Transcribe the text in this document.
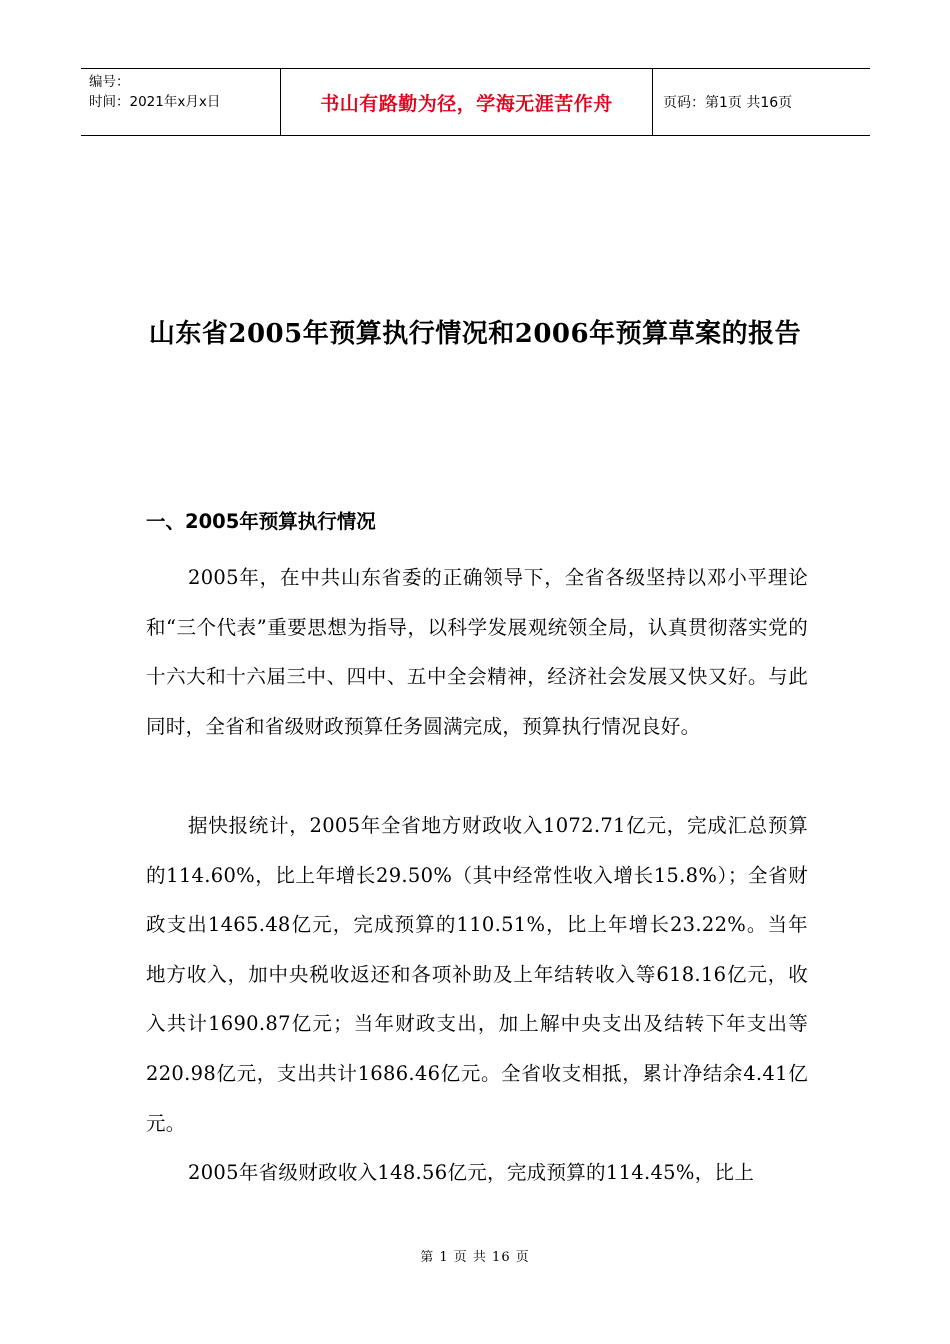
编号：
时间：2021年x月x日	书山有路勤为径，学海无涯苦作舟	页码：第1页 共16页
山东省2005年预算执行情况和2006年预算草案的报告
一、2005年预算执行情况

2005年，在中共山东省委的正确领导下，全省各级坚持以邓小平理论和“三个代表”重要思想为指导，以科学发展观统领全局，认真贯彻落实党的十六大和十六届三中、四中、五中全会精神，经济社会发展又快又好。与此同时，全省和省级财政预算任务圆满完成，预算执行情况良好。

据快报统计，2005年全省地方财政收入1072.71亿元，完成汇总预算的114.60%，比上年增长29.50%（其中经常性收入增长15.8%）；全省财政支出1465.48亿元，完成预算的110.51%，比上年增长23.22%。当年地方收入，加中央税收返还和各项补助及上年结转收入等618.16亿元，收入共计1690.87亿元；当年财政支出，加上解中央支出及结转下年支出等220.98亿元，支出共计1686.46亿元。全省收支相抵，累计净结余4.41亿元。

2005年省级财政收入148.56亿元，完成预算的114.45%，比上

第 1 页 共 16 页
